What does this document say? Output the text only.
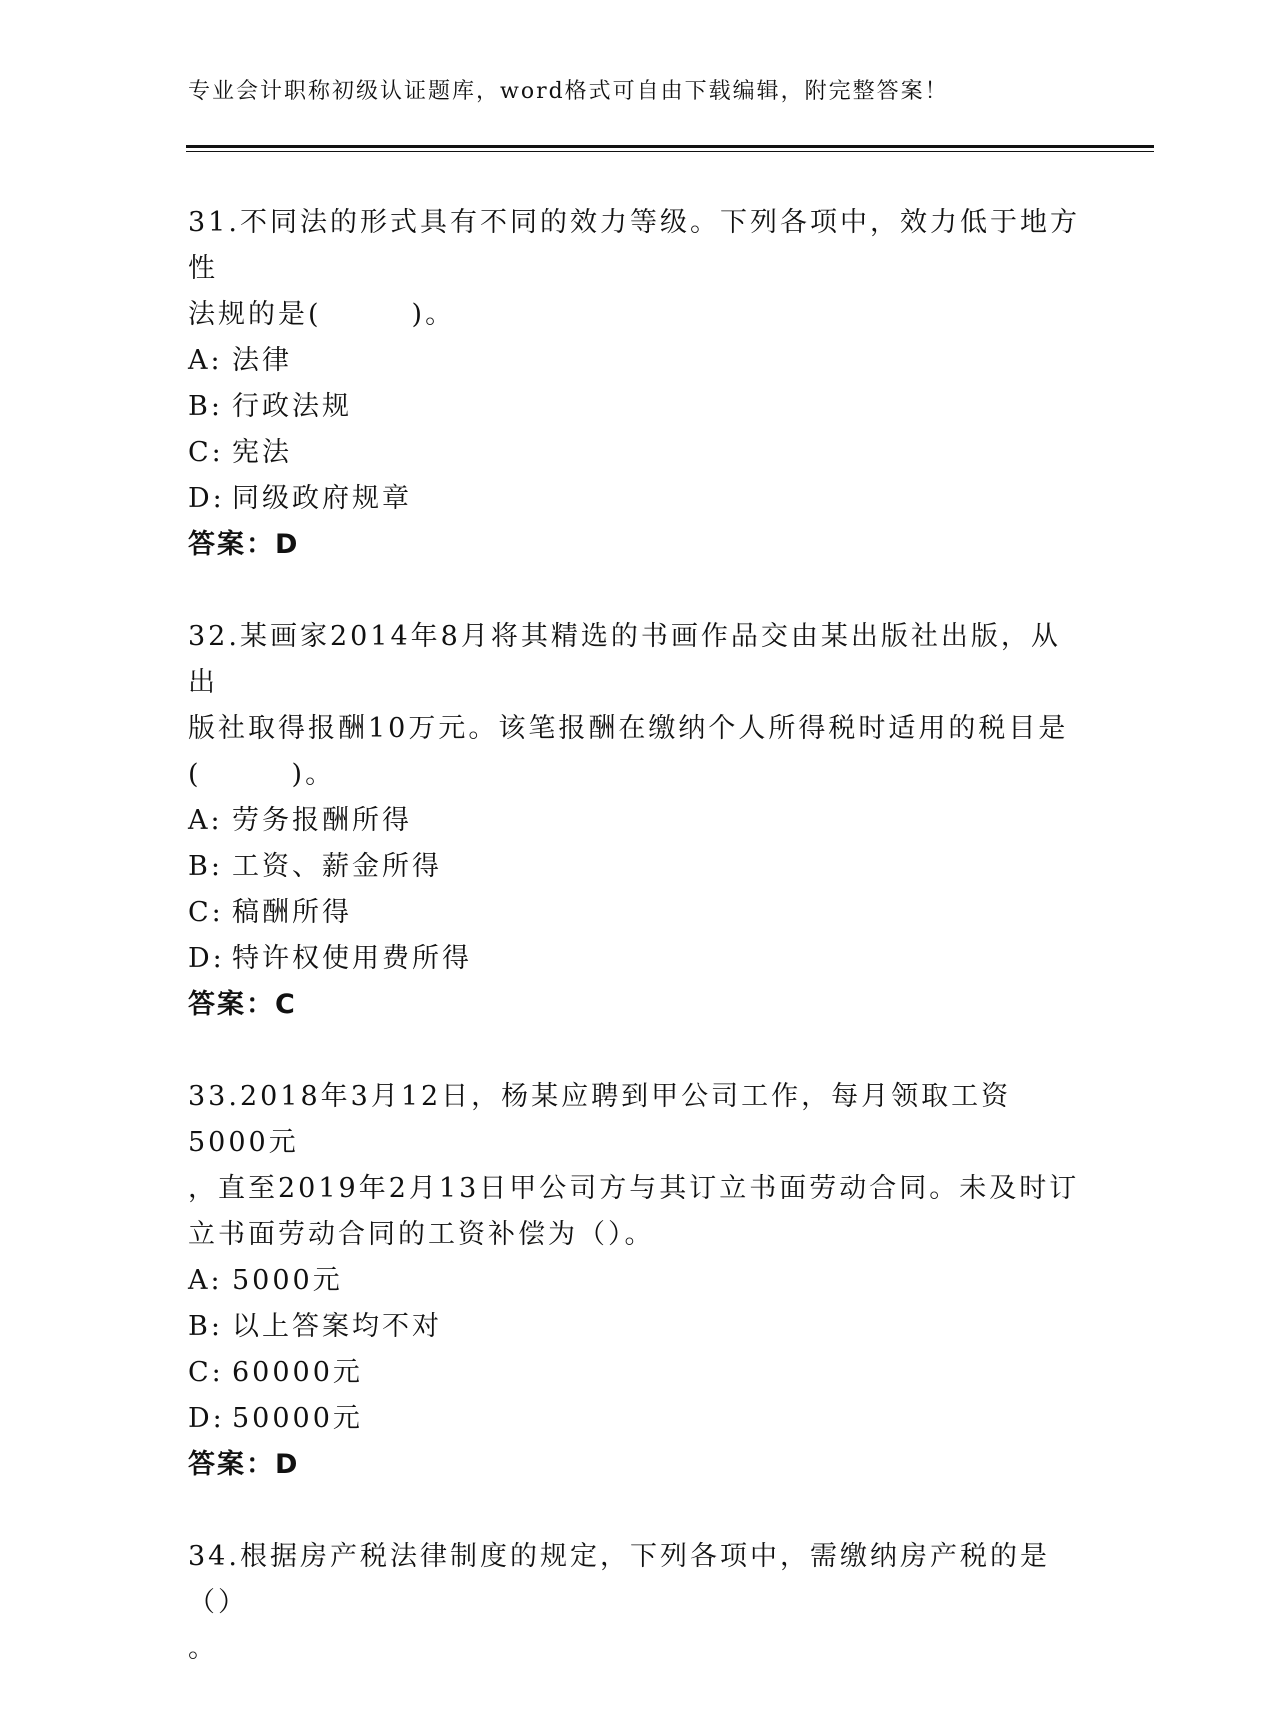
专业会计职称初级认证题库，word格式可自由下载编辑，附完整答案！

31.不同法的形式具有不同的效力等级。下列各项中，效力低于地方性

法规的是(　　　)。

A: 法律

B: 行政法规

C: 宪法

D: 同级政府规章

答案：D

32.某画家2014年8月将其精选的书画作品交由某出版社出版，从出

版社取得报酬10万元。该笔报酬在缴纳个人所得税时适用的税目是

(　　　)。

A: 劳务报酬所得

B: 工资、薪金所得

C: 稿酬所得

D: 特许权使用费所得

答案：C

33.2018年3月12日，杨某应聘到甲公司工作，每月领取工资5000元

，直至2019年2月13日甲公司方与其订立书面劳动合同。未及时订

立书面劳动合同的工资补偿为（）。

A: 5000元

B: 以上答案均不对

C: 60000元

D: 50000元

答案：D

34.根据房产税法律制度的规定，下列各项中，需缴纳房产税的是（）

。
